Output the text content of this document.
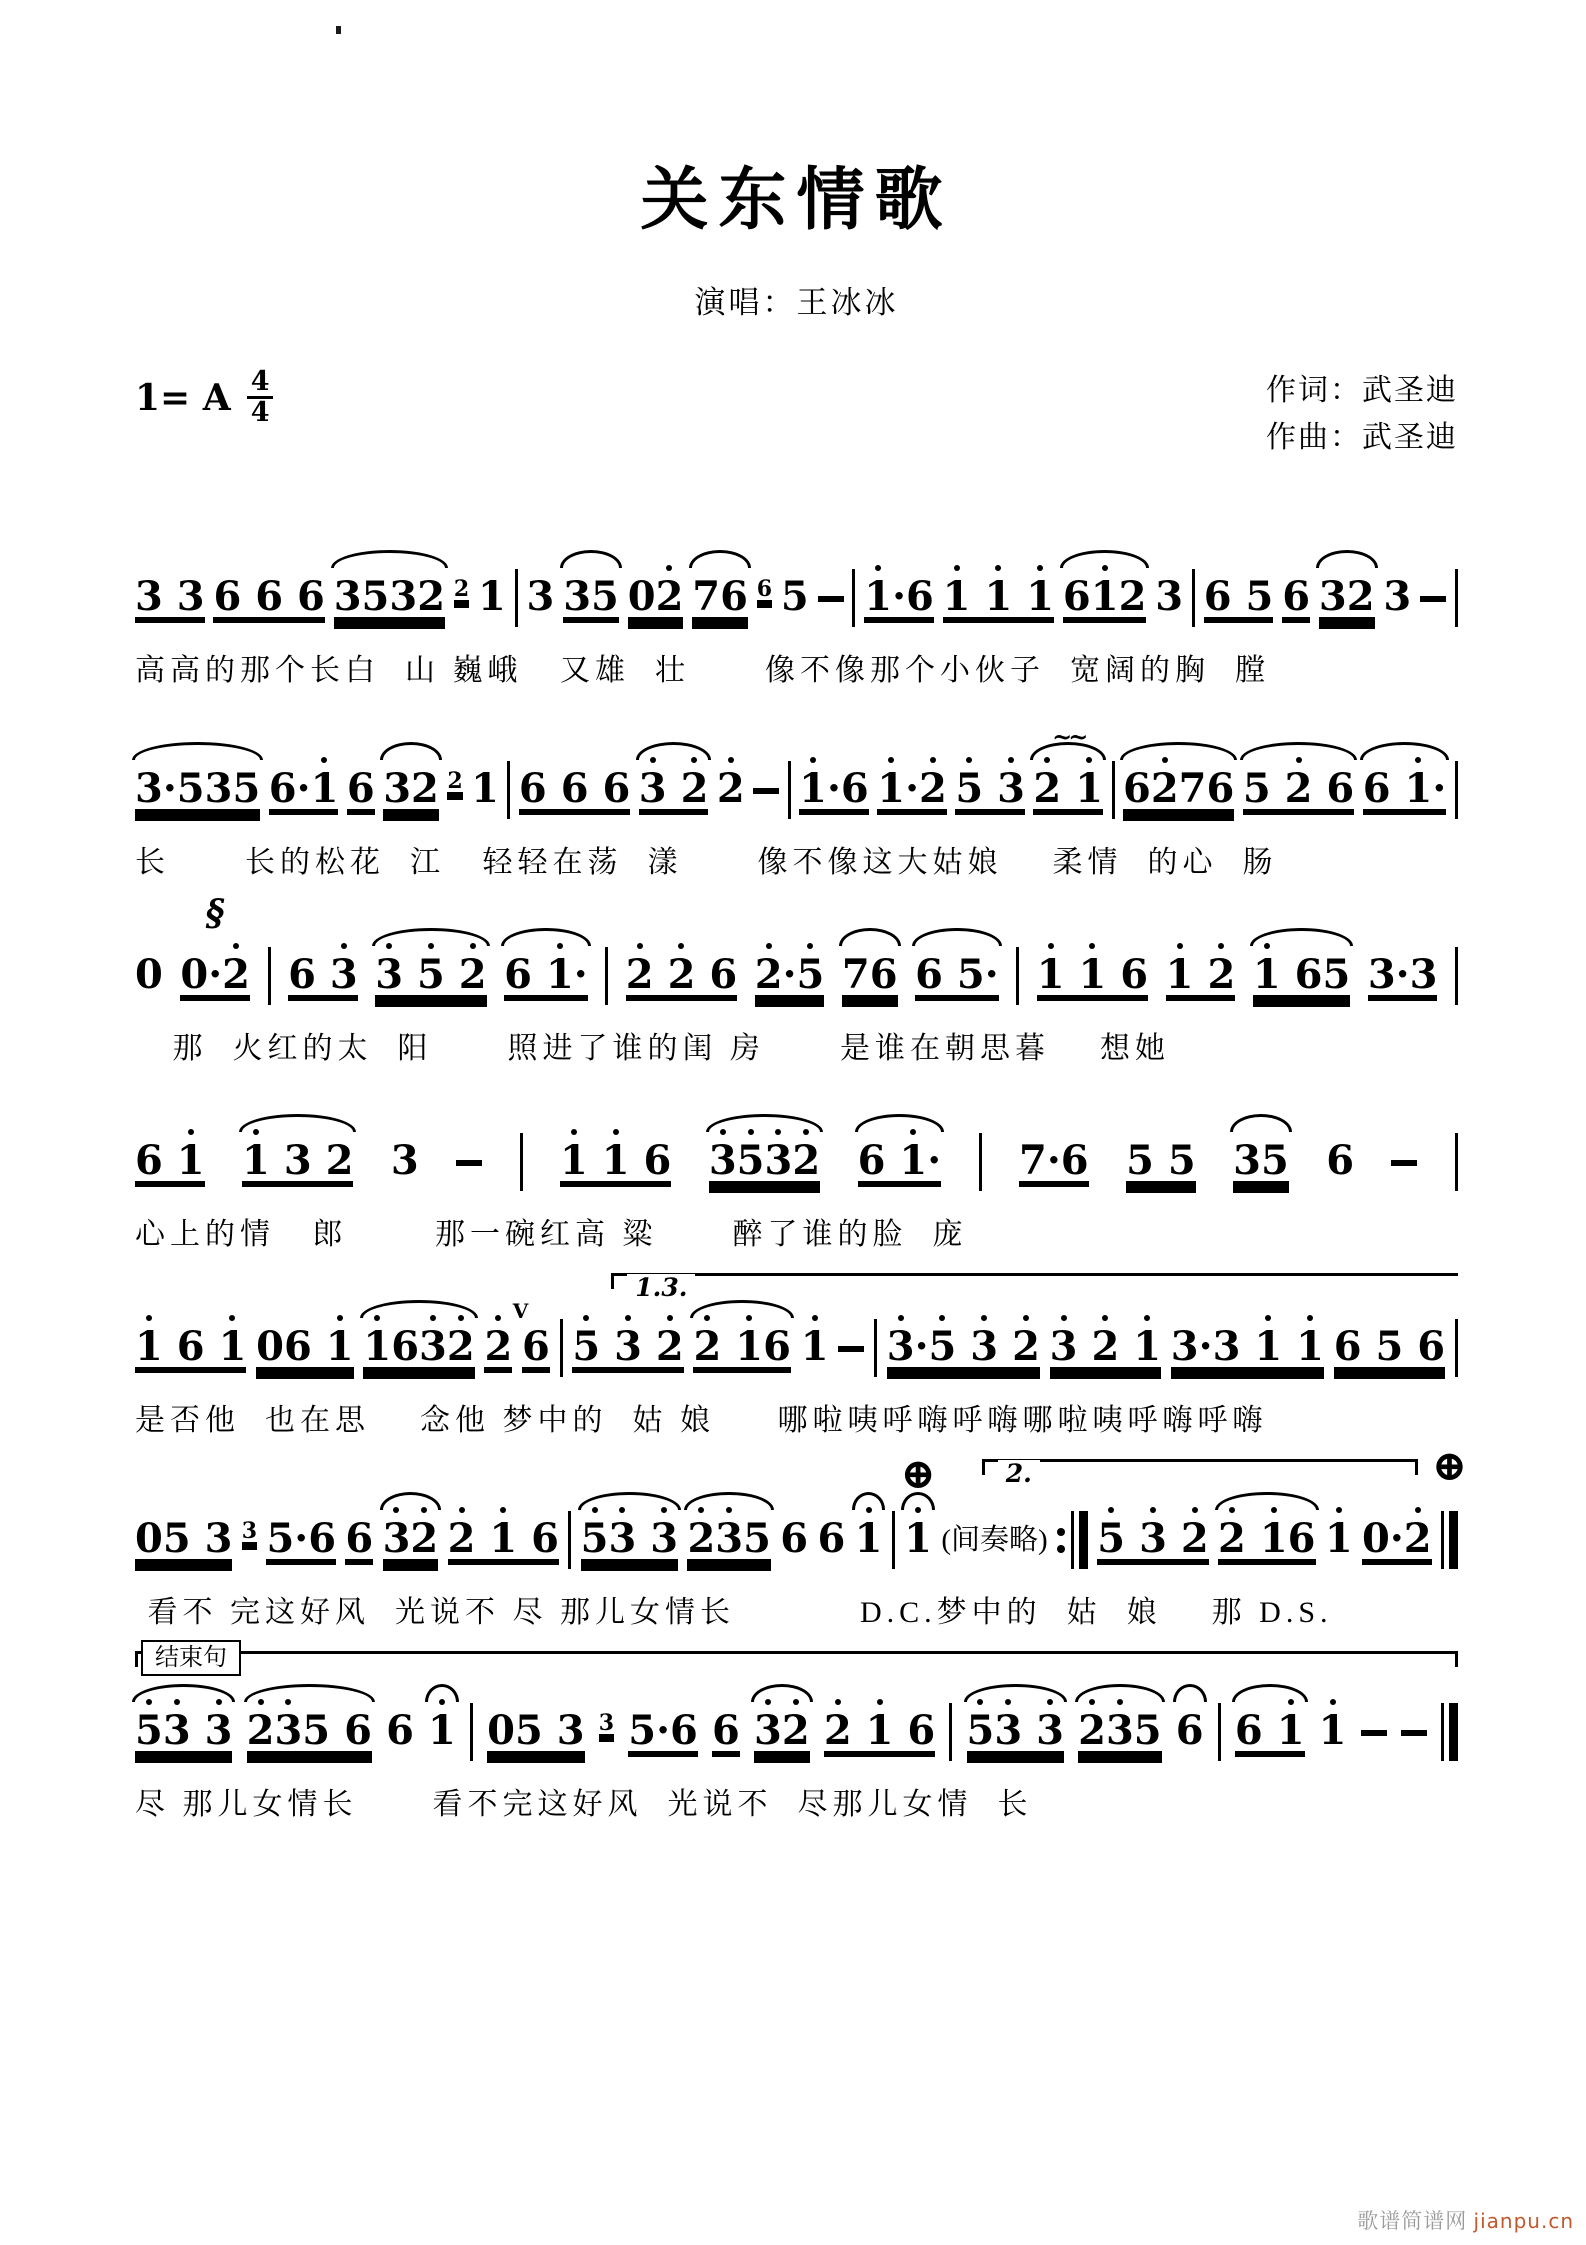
关东情歌
演唱：王冰冰
1= A $\frac{4}{4}$	作词：武圣迪
作曲：武圣迪
3 3 6 6 6 3532 2 1 3 35 02 76 6 5 1
·6 1 1 1 61
2 3 6 5 6 32 3
高高的那个长白  山 巍峨   又雄  壮      像不像那个小伙子  宽阔的胸  膛
3·535 6·1 6 32 2 1 6 6 6 3 2 2 1
·6 1
·2 5 3 2 1
~~
62
76 5 2 6 6 1
·
长      长的松花  江   轻轻在荡  漾      像不像这大姑娘    柔情  的心  肠
0 0·2
§
6 3 3 5 2 6 1
· 2 2 6 2
·5 76 6 5· 1 1 6 1 2 1 65 3·3
那  火红的太  阳      照进了谁的闺 房      是谁在朝思暮    想她
6 1 1 3 2 3	1 1 6 3
5
3
2 6 1
· 7·6 5 5 35 6
心上的情   郎       那一碗红高 粱      醉了谁的脸  庞
1.3.
1 6 1 06 1 1
63
2 2
V
6 5 3 2 2 1
6 1 3
·5 3 2 3 2 1 3·3 1 1 6 5 6
是否他  也在思    念他 梦中的  姑 娘     哪啦咦呼嗨呼嗨哪啦咦呼嗨呼嗨
2.
05 3 3 5·6 6 3
2 2 1 6 5
3 3 2
3
5 6 6 1 1
⊕
(间奏略) 5 3 2 2 1
6 1 0·2
⊕
看不 完这好风  光说不 尽 那儿女情长          D.C.梦中的  姑  娘    那 D.S.
结束句
5
3 3 2
3
5 6 6 1 05 3 3 5·6 6 3
2 2 1 6 5
3 3 2
3
5 6 6 1 1
尽 那儿女情长      看不完这好风  光说不  尽那儿女情  长
歌谱简谱网 jianpu.cn
